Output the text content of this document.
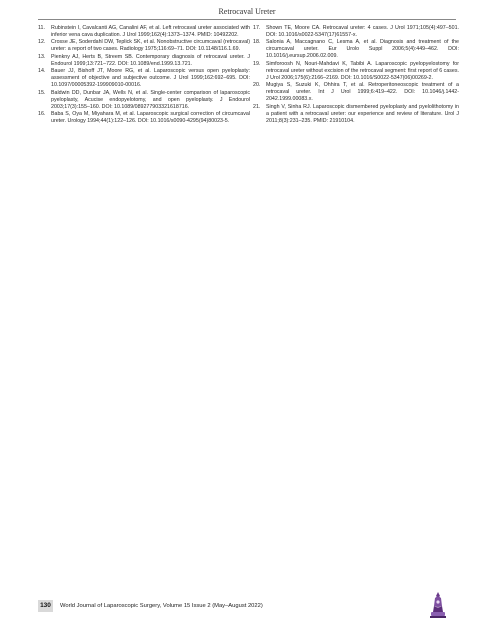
Retrocaval Ureter
11. Rubinstein I, Cavalcanti AG, Canalini AF, et al. Left retrocaval ureter associated with inferior vena cava duplication. J Urol 1999;162(4):1373–1374. PMID: 10492202.
12. Crosse JE, Soderdahl DW, Teplick SK, et al. Nonobstructive circumcaval (retrocaval) ureter: a report of two cases. Radiology 1975;116:69–71. DOI: 10.1148/116.1.69.
13. Pienkny AJ, Herts B, Streem SB. Contemporary diagnosis of retrocaval ureter. J Endourol 1999;13:721–722. DOI: 10.1089/end.1999.13.721.
14. Bauer JJ, Bishoff JT, Moore RG, et al. Laparoscopic versus open pyeloplasty: assessment of objective and subjective outcome. J Urol 1999;162:692–695. DOI: 10.1097/00005392-199909010-00016.
15. Baldwin DD, Dunbar JA, Wells N, et al. Single-center comparison of laparoscopic pyeloplasty, Acucise endopyelotomy, and open pyeloplasty. J Endourol 2003;17(3):155–160. DOI: 10.1089/089277903321618716.
16. Baba S, Oya M, Miyahara M, et al. Laparoscopic surgical correction of circumcaval ureter. Urology 1994;44(1):122–126. DOI: 10.1016/s0090-4295(94)80023-5.
17. Shown TE, Moore CA. Retrocaval ureter: 4 cases. J Urol 1971;105(4):497–501. DOI: 10.1016/s0022-5347(17)61557-x.
18. Salonia A, Maccagnano C, Lesma A, et al. Diagnosis and treatment of the circumcaval ureter. Eur Urolo Suppl 2006;5(4):449–462. DOI: 10.1016/j.eursup.2006.02.009.
19. Simforoosh N, Nouri-Mahdavi K, Tabibi A. Laparoscopic pyelopyelostomy for retrocaval ureter without excision of the retrocaval segment: first report of 6 cases. J Urol 2006;175(6):2166–2169. DOI: 10.1016/S0022-5347(06)00269-2.
20. Mugiya S, Suzuki K, Ohhira T, et al. Retroperitoneoscopic treatment of a retrocaval ureter. Int J Urol 1999;6:419–422. DOI: 10.1046/j.1442-2042.1999.00083.x.
21. Singh V, Sinha RJ. Laparoscopic dismembered pyeloplasty and pyelolithotomy in a patient with a retrocaval ureter: our experience and review of literature. Urol J 2011;8(3):231–235. PMID: 21910104.
130	World Journal of Laparoscopic Surgery, Volume 15 Issue 2 (May–August 2022)
